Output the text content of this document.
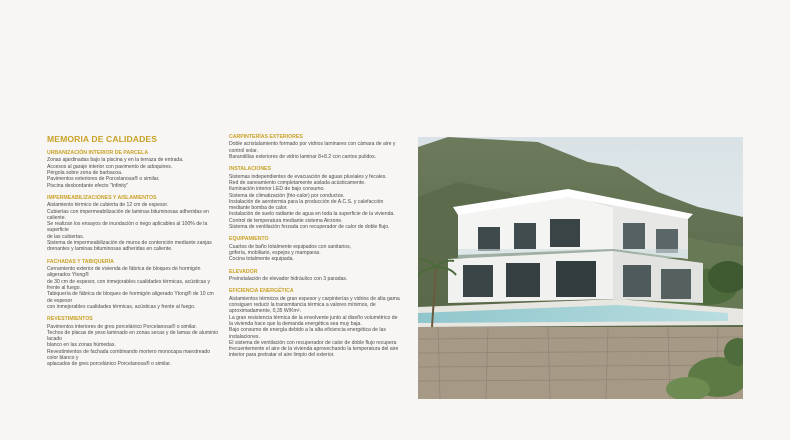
MEMORIA DE CALIDADES
URBANIZACIÓN INTERIOR DE PARCELA
Zonas ajardinadas bajo la piscina y en la terraza de entrada.
Accesos al garaje interior con pavimento de adoquines.
Pérgola sobre zona de barbacoa.
Pavimentos exteriores de Porcelanosa® o similar.
Piscina desbordante efecto "Infinity"
IMPERMEABILIZACIONES Y AISLAMIENTOS
Aislamiento térmico de cubierta de 12 cm de espesor.
Cubiertas con impermeabilización de laminas bituminosas adheridas en caliente.
Se realizan los ensayos de inundación o riego aplicables al 100% de la superficie
de las cubiertas.
Sistema de impermeabilización de muros de contención mediante zanjas
drenantes y laminas bituminosas adheridas en caliente.
FACHADAS Y TABIQUERÍA
Cerramiento exterior de vivienda de fábrica de bloques de hormigón aligerados Ytong®
de 30 cm de espesor, con inmejorables cualidades térmicas, acústicas y frente al fuego.
Tabiquería de fábrica de bloques de hormigón aligerado Ytong® de 10 cm de espesor
con inmejorables cualidades térmicas, acústicas y frente al fuego.
REVESTIMIENTOS
Pavimentos interiores de gres porcelánico Porcelanosa® o similar.
Techos de placas de yeso laminado en zonas secas y de lamas de aluminio lacado
blanco en las zonas húmedas.
Revestimientos de fachada combinando mortero monocapa maestreado color blanco y
aplacados de gres porcelánico Porcelanosa® o similar.
CARPINTERÍAS EXTERIORES
Doble acristalamiento formado por vidrios laminares con cámara de aire y control solar.
Barandillas exteriores de vidrio laminar 8+8.2 con cantos pulidos.
INSTALACIONES
Sistemas independientes de evacuación de aguas pluviales y fecales.
Red de saneamiento completamente aislada acústicamente.
Iluminación interior LED de bajo consumo.
Sistema de climatización (frio-calor) por conductos.
Instalación de aerotermia para la producción de A.C.S. y calefacción mediante bomba de calor.
Instalación de suelo radiante de agua en toda la superficie de la vivienda.
Control de temperatura mediante sistema Airzone.
Sistema de ventilación forzada con recuperador de calor de doble flujo.
EQUIPAMIENTO
Cuartos de baño totalmente equipados con sanitarios,
grifería, mobiliario, espejos y mamparas.
Cocina totalmente equipada.
ELEVADOR
Preinstalación de elevador hidráulico con 3 paradas.
EFICIENCIA ENERGÉTICA
Aislamientos térmicos de gran espesor y carpinterías y vidrios de alta gama consiguen reducir la transmitancia térmica a valores mínimos, de aproximadamente, 0,35 W/Km².
La gran resistencia térmica de la envolvente junto al diseño volumétrico de la vivienda hace que la demanda energética sea muy baja.
Bajo consumo de energía debido a la alta eficiencia energética de las instalaciones.
El sistema de ventilación con recuperador de calor de doble flujo recupera frecuentemente el aire de la vivienda aprovechando la temperatura del aire interior para pretratar el aire limpio del exterior.
